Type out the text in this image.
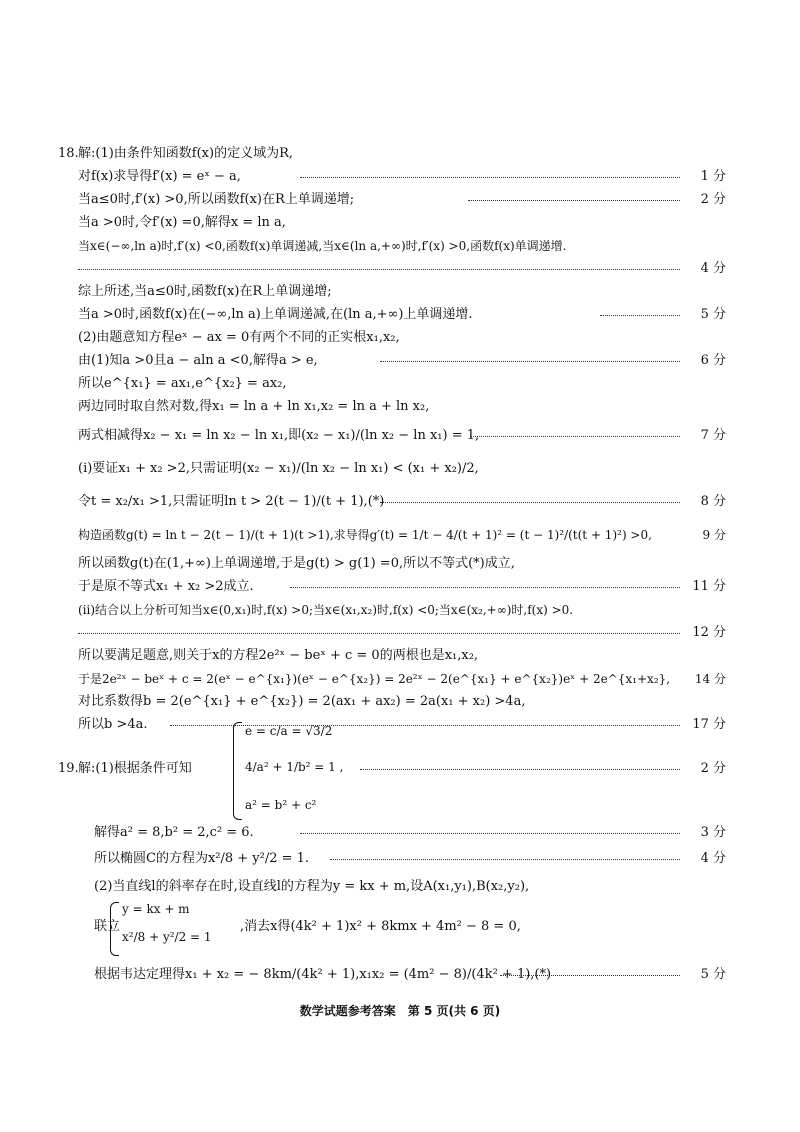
18. 解:(1)由条件知函数f(x)的定义域为R,
对f(x)求导得f′(x) = eˣ − a,	1 分
当a≤0时,f′(x) >0,所以函数f(x)在R上单调递增;	2 分
当a >0时,令f′(x) =0,解得x = ln a,
当x∈(−∞,ln a)时,f′(x) <0,函数f(x)单调递减,当x∈(ln a,+∞)时,f′(x) >0,函数f(x)单调递增.
4 分
综上所述,当a≤0时,函数f(x)在R上单调递增;
当a >0时,函数f(x)在(−∞,ln a)上单调递减,在(ln a,+∞)上单调递增.	5 分
(2)由题意知方程eˣ − ax = 0有两个不同的正实根x₁,x₂,
由(1)知a >0且a − aln a <0,解得a > e,	6 分
所以e^{x₁} = ax₁,e^{x₂} = ax₂,
两边同时取自然对数,得x₁ = ln a + ln x₁,x₂ = ln a + ln x₂,
两式相减得x₂ − x₁ = ln x₂ − ln x₁,即(x₂ − x₁)/(ln x₂ − ln x₁) = 1,	7 分
(ⅰ)要证x₁ + x₂ >2,只需证明(x₂ − x₁)/(ln x₂ − ln x₁) < (x₁ + x₂)/2,
令t = x₂/x₁ >1,只需证明ln t > 2(t − 1)/(t + 1),(*)	8 分
构造函数g(t) = ln t − 2(t − 1)/(t + 1)(t >1),求导得g′(t) = 1/t − 4/(t + 1)² = (t − 1)²/(t(t + 1)²) >0,	9 分
所以函数g(t)在(1,+∞)上单调递增,于是g(t) > g(1) =0,所以不等式(*)成立,
于是原不等式x₁ + x₂ >2成立.	11 分
(ⅱ)结合以上分析可知当x∈(0,x₁)时,f(x) >0;当x∈(x₁,x₂)时,f(x) <0;当x∈(x₂,+∞)时,f(x) >0.
12 分
所以要满足题意,则关于x的方程2e²ˣ − beˣ + c = 0的两根也是x₁,x₂,
于是2e²ˣ − beˣ + c = 2(eˣ − e^{x₁})(eˣ − e^{x₂}) = 2e²ˣ − 2(e^{x₁} + e^{x₂})eˣ + 2e^{x₁+x₂},	14 分
对比系数得b = 2(e^{x₁} + e^{x₂}) = 2(ax₁ + ax₂) = 2a(x₁ + x₂) >4a,
所以b >4a.	17 分
19. 解:(1)根据条件可知	2 分
e = c/a = √3/2
4/a² + 1/b² = 1 ,
a² = b² + c²
解得a² = 8,b² = 2,c² = 6.	3 分
所以椭圆C的方程为x²/8 + y²/2 = 1.	4 分
(2)当直线l的斜率存在时,设直线l的方程为y = kx + m,设A(x₁,y₁),B(x₂,y₂),
联立	,消去x得(4k² + 1)x² + 8kmx + 4m² − 8 = 0,
y = kx + m
x²/8 + y²/2 = 1
根据韦达定理得x₁ + x₂ = − 8km/(4k² + 1),x₁x₂ = (4m² − 8)/(4k² + 1),(*)	5 分
数学试题参考答案　第 5 页(共 6 页)
